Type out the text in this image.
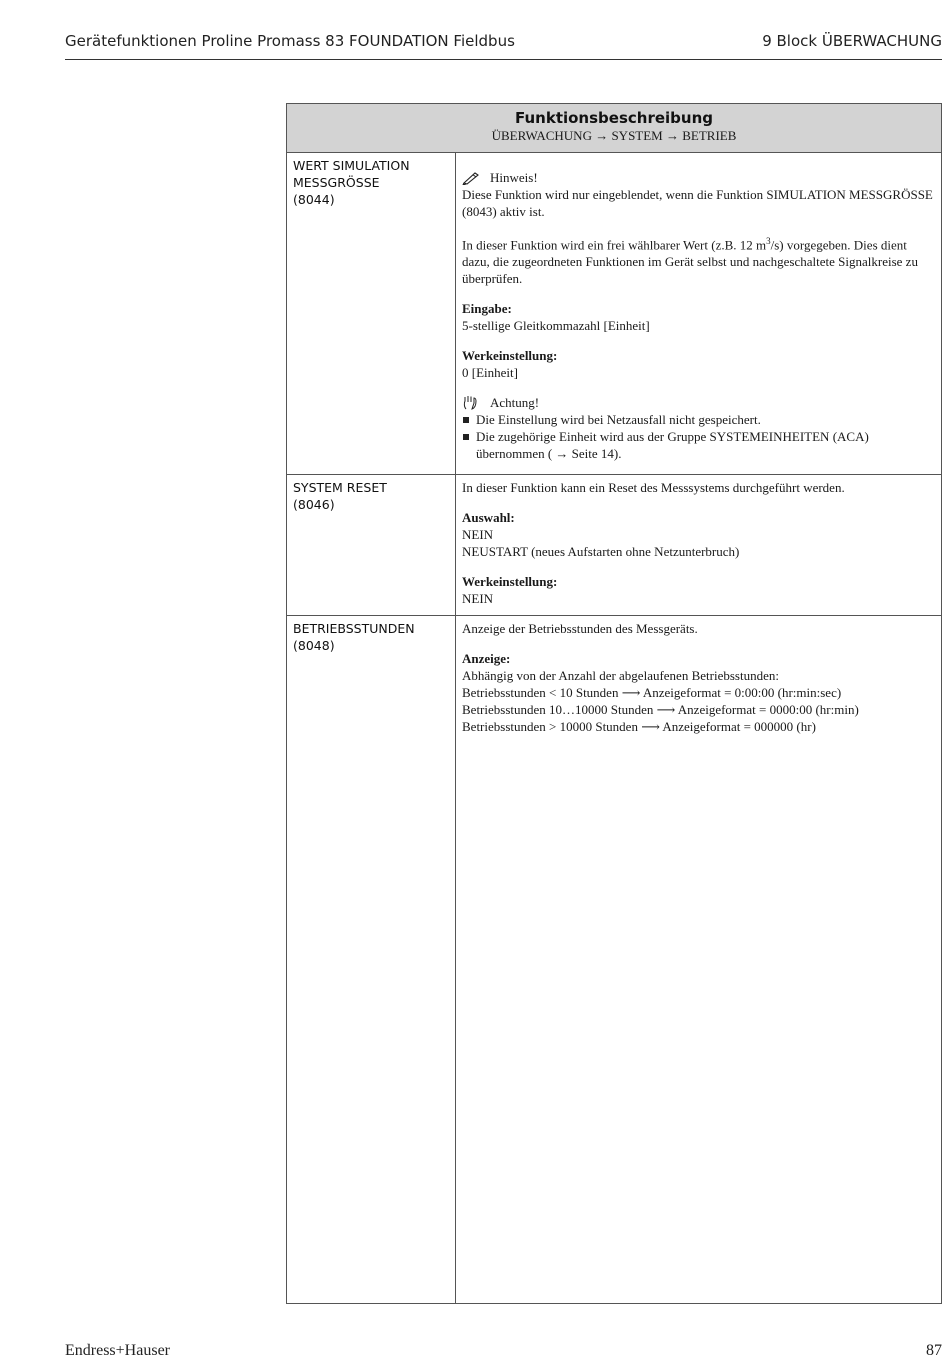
Gerätefunktionen Proline Promass 83 FOUNDATION Fieldbus	9 Block ÜBERWACHUNG
Funktionsbeschreibung
ÜBERWACHUNG → SYSTEM → BETRIEB
WERT SIMULATION
MESSGRÖSSE
(8044)

Hinweis!
Diese Funktion wird nur eingeblendet, wenn die Funktion SIMULATION MESSGRÖSSE (8043) aktiv ist.

In dieser Funktion wird ein frei wählbarer Wert (z.B. 12 $m^3/s$) vorgegeben. Dies dient dazu, die zugeordneten Funktionen im Gerät selbst und nachgeschaltete Signalkreise zu überprüfen.

Eingabe:
5-stellige Gleitkommazahl [Einheit]

Werkeinstellung:
0 [Einheit]

Achtung!
Die Einstellung wird bei Netzausfall nicht gespeichert.
Die zugehörige Einheit wird aus der Gruppe SYSTEMEINHEITEN (ACA) übernommen ( → Seite 14).
SYSTEM RESET
(8046)

In dieser Funktion kann ein Reset des Messsystems durchgeführt werden.

Auswahl:
NEIN
NEUSTART (neues Aufstarten ohne Netzunterbruch)

Werkeinstellung:
NEIN

BETRIEBSSTUNDEN
(8048)

Anzeige der Betriebsstunden des Messgeräts.

Anzeige:
Abhängig von der Anzahl der abgelaufenen Betriebsstunden:
Betriebsstunden < 10 Stunden ⟶ Anzeigeformat = 0:00:00 (hr:min:sec)
Betriebsstunden 10…10000 Stunden ⟶ Anzeigeformat = 0000:00 (hr:min)
Betriebsstunden > 10000 Stunden ⟶ Anzeigeformat = 000000 (hr)

Endress+Hauser	87
